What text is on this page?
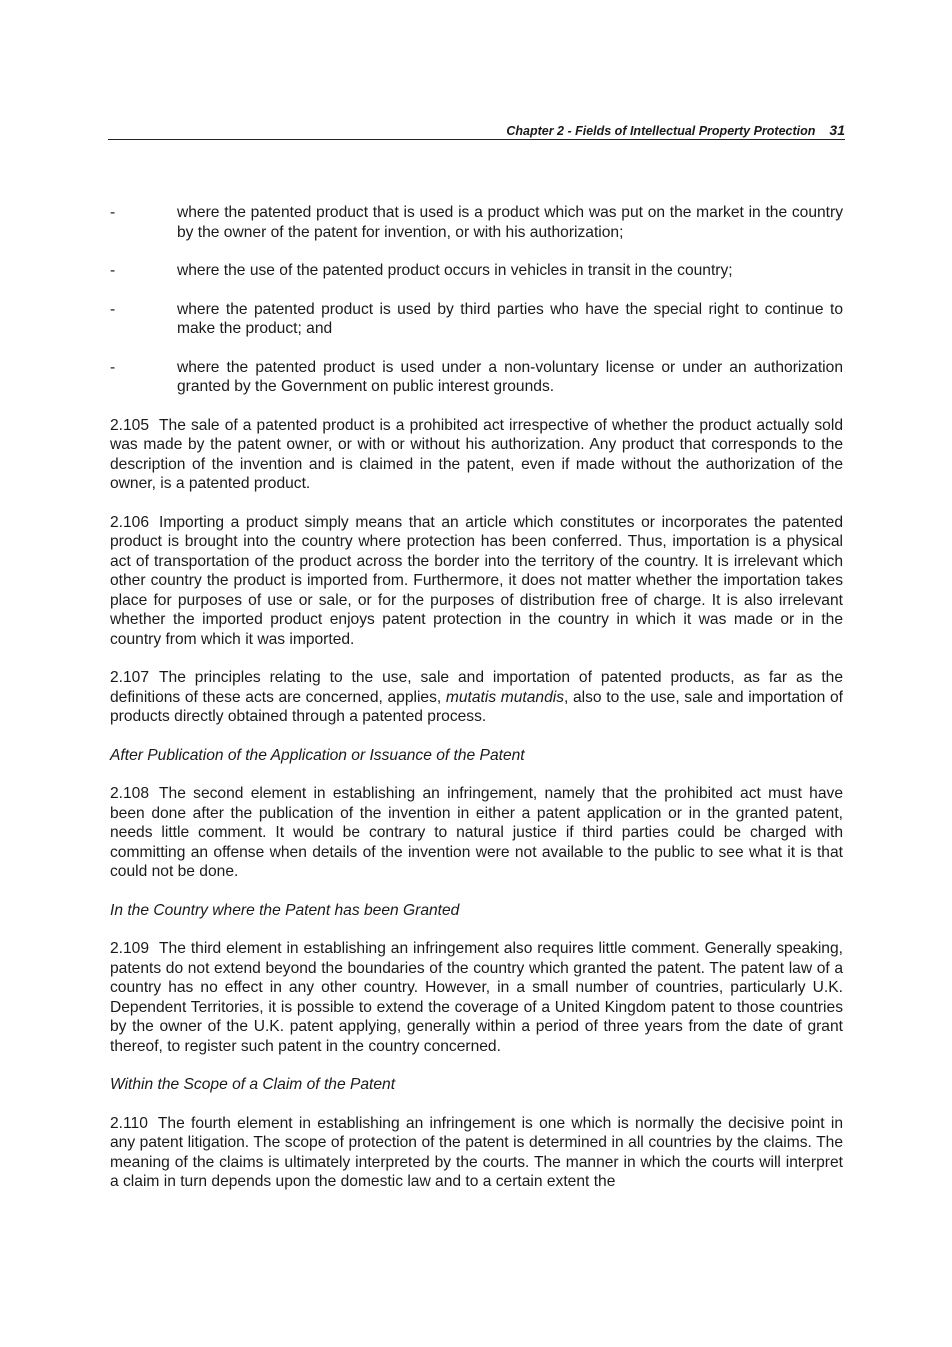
Chapter 2 - Fields of Intellectual Property Protection 31
-	where the patented product that is used is a product which was put on the market in the country by the owner of the patent for invention, or with his authorization;
-	where the use of the patented product occurs in vehicles in transit in the country;
-	where the patented product is used by third parties who have the special right to continue to make the product; and
-	where the patented product is used under a non-voluntary license or under an authorization granted by the Government on public interest grounds.

2.105 The sale of a patented product is a prohibited act irrespective of whether the product actually sold was made by the patent owner, or with or without his authorization. Any product that corresponds to the description of the invention and is claimed in the patent, even if made without the authorization of the owner, is a patented product.

2.106 Importing a product simply means that an article which constitutes or incorporates the patented product is brought into the country where protection has been conferred. Thus, importation is a physical act of transportation of the product across the border into the territory of the country. It is irrelevant which other country the product is imported from. Furthermore, it does not matter whether the importation takes place for purposes of use or sale, or for the purposes of distribution free of charge. It is also irrelevant whether the imported product enjoys patent protection in the country in which it was made or in the country from which it was imported.

2.107 The principles relating to the use, sale and importation of patented products, as far as the definitions of these acts are concerned, applies, mutatis mutandis, also to the use, sale and importation of products directly obtained through a patented process.

After Publication of the Application or Issuance of the Patent

2.108 The second element in establishing an infringement, namely that the prohibited act must have been done after the publication of the invention in either a patent application or in the granted patent, needs little comment. It would be contrary to natural justice if third parties could be charged with committing an offense when details of the invention were not available to the public to see what it is that could not be done.

In the Country where the Patent has been Granted

2.109 The third element in establishing an infringement also requires little comment. Generally speaking, patents do not extend beyond the boundaries of the country which granted the patent. The patent law of a country has no effect in any other country. However, in a small number of countries, particularly U.K. Dependent Territories, it is possible to extend the coverage of a United Kingdom patent to those countries by the owner of the U.K. patent applying, generally within a period of three years from the date of grant thereof, to register such patent in the country concerned.

Within the Scope of a Claim of the Patent

2.110 The fourth element in establishing an infringement is one which is normally the decisive point in any patent litigation. The scope of protection of the patent is determined in all countries by the claims. The meaning of the claims is ultimately interpreted by the courts. The manner in which the courts will interpret a claim in turn depends upon the domestic law and to a certain extent the
